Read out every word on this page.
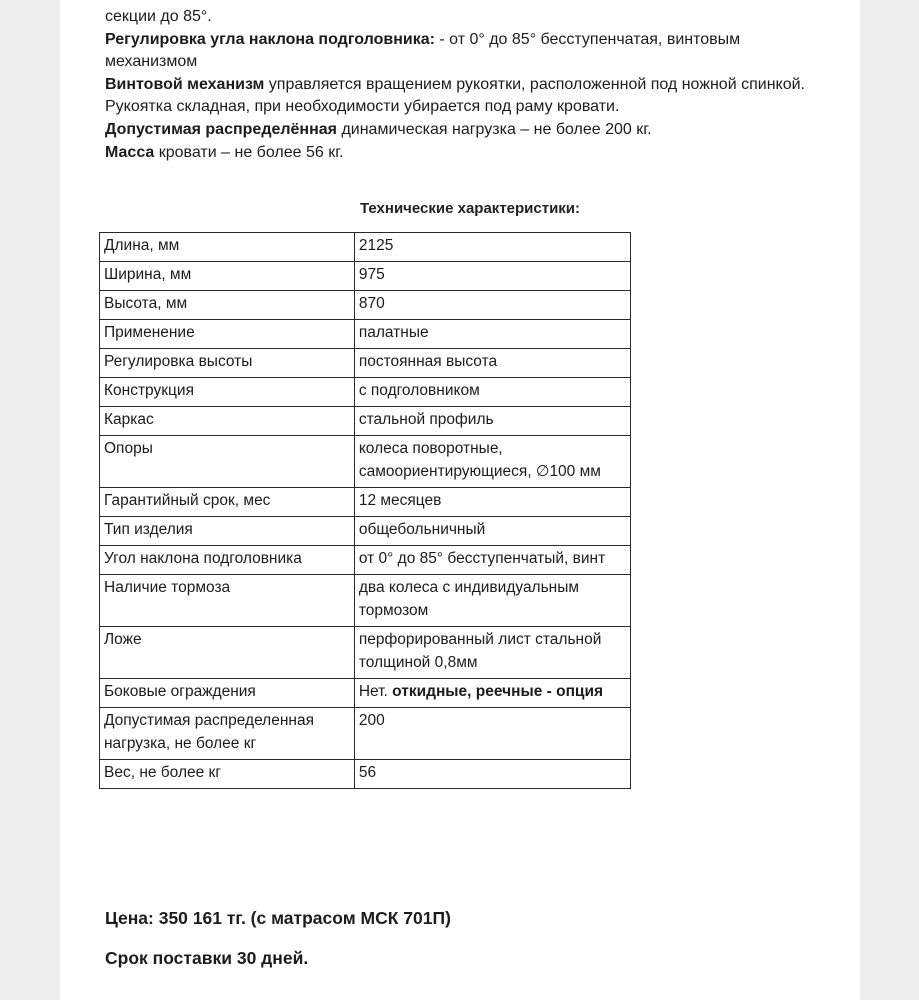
секции до 85°.

Регулировка угла наклона подголовника: - от 0° до 85° бесступенчатая, винтовым механизмом

Винтовой механизм управляется вращением рукоятки, расположенной под ножной спинкой. Рукоятка складная, при необходимости убирается под раму кровати.

Допустимая распределённая динамическая нагрузка – не более 200 кг.

Масса кровати – не более 56 кг.

Технические характеристики:
Длина, мм	2125
Ширина, мм	975
Высота, мм	870
Применение	палатные
Регулировка высоты	постоянная высота
Конструкция	с подголовником
Каркас	стальной профиль
Опоры	колеса поворотные, самоориентирующиеся, ∅100 мм
Гарантийный срок, мес	12 месяцев
Тип изделия	общебольничный
Угол наклона подголовника	от 0° до 85° бесступенчатый, винт
Наличие тормоза	два колеса с индивидуальным тормозом
Ложе	перфорированный лист стальной толщиной 0,8мм
Боковые ограждения	Нет. откидные, реечные - опция
Допустимая распределенная нагрузка, не более кг	200
Вес, не более кг	56
Цена: 350 161 тг. (с матрасом МСК 701П)
Срок поставки 30 дней.
